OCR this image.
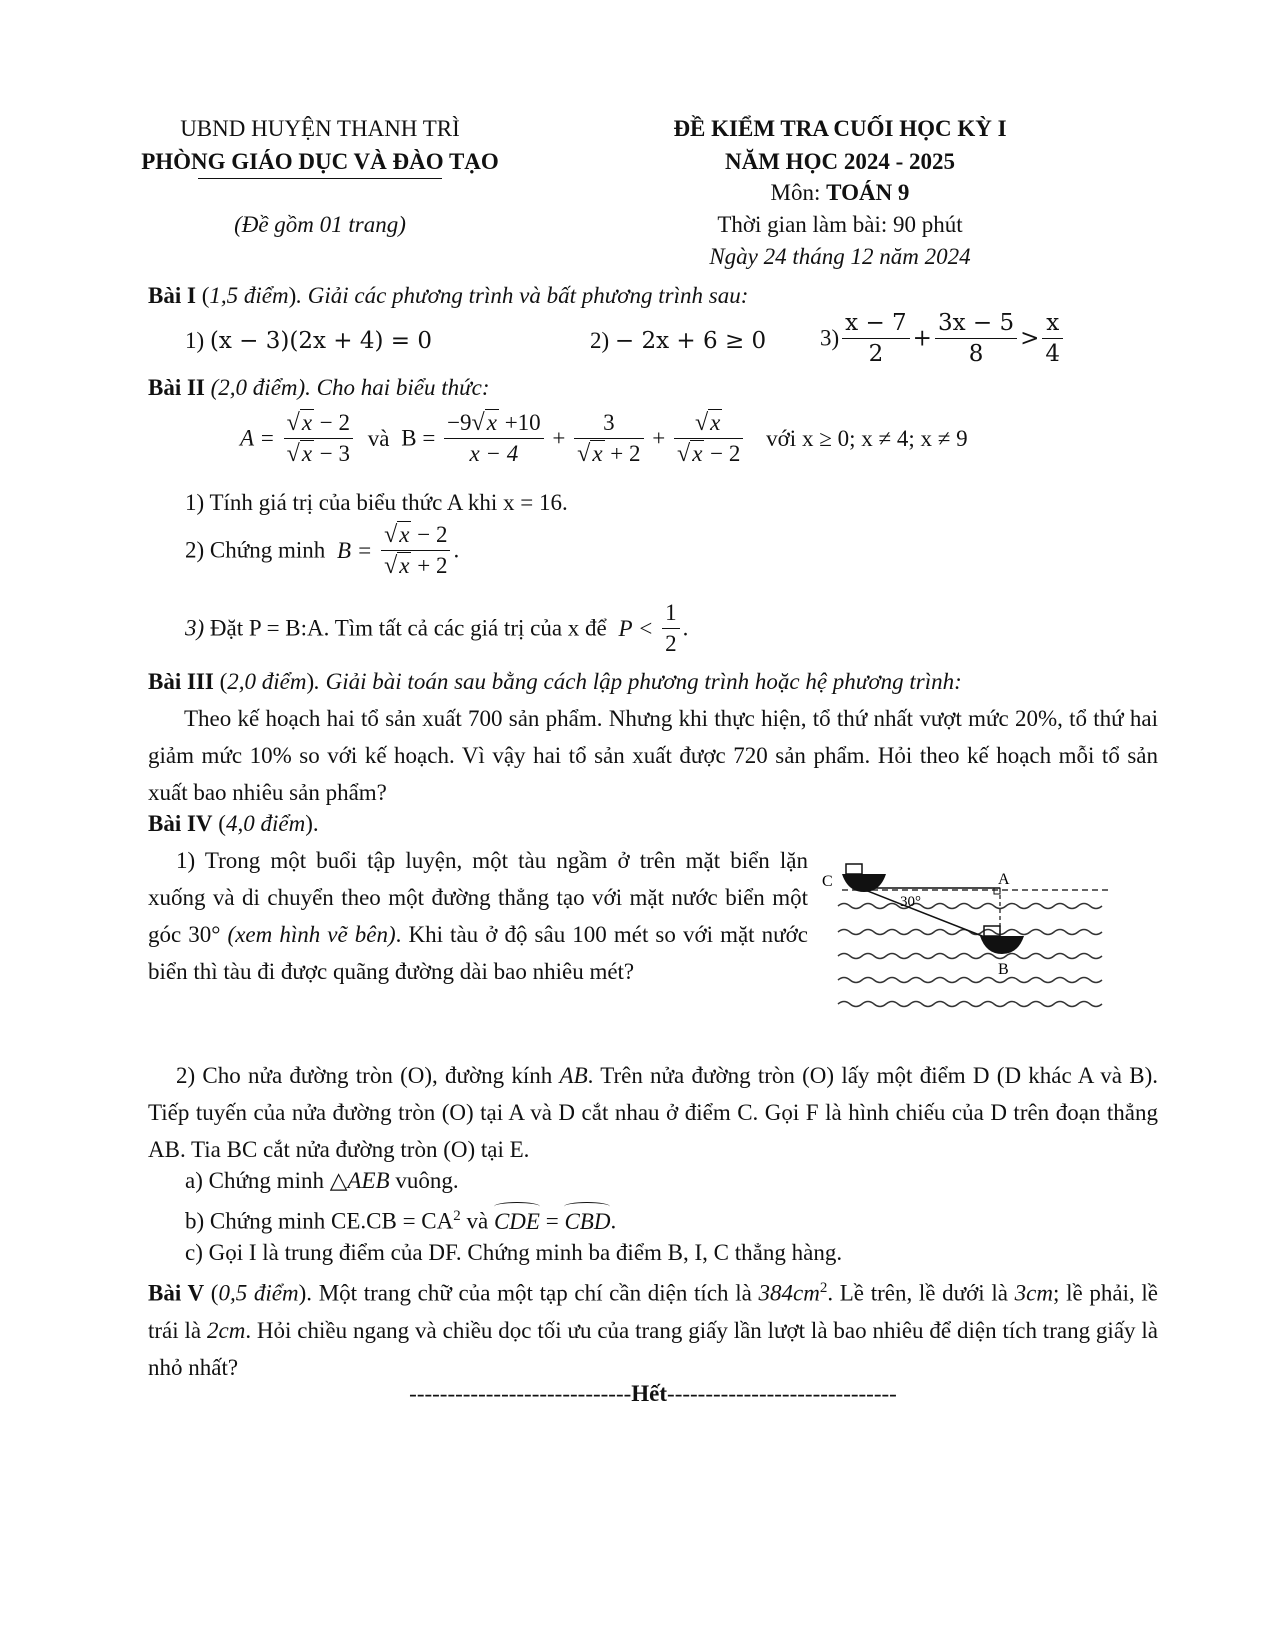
UBND HUYỆN THANH TRÌ
PHÒNG GIÁO DỤC VÀ ĐÀO TẠO
(Đề gồm 01 trang)
ĐỀ KIỂM TRA CUỐI HỌC KỲ I
NĂM HỌC 2024 - 2025
Môn: TOÁN 9
Thời gian làm bài: 90 phút
Ngày 24 tháng 12 năm 2024
Bài I (1,5 điểm). Giải các phương trình và bất phương trình sau:
1) (x − 3)(2x + 4) = 0	2) − 2x + 6 ≥ 0 $3) \frac{x - 7}{2} + \frac{3x - 5}{8} > \frac{x}{4}$
Bài II (2,0 điểm). Cho hai biểu thức:
$A = \frac{√x - 2}{√x - 3}$ và $B = \frac{-9√x +10}{x - 4} + \frac{3}{√x + 2} + \frac{√x}{√x - 2}$ với x ≥ 0; x ≠ 4; x ≠ 9
1) Tính giá trị của biểu thức A khi x = 16.
2) Chứng minh $B = \frac{√x - 2}{√x + 2}$ .
3) Đặt P = B:A. Tìm tất cả các giá trị của x để $P < \frac{1}{2}$ .
Bài III (2,0 điểm). Giải bài toán sau bằng cách lập phương trình hoặc hệ phương trình:
Theo kế hoạch hai tổ sản xuất 700 sản phẩm. Nhưng khi thực hiện, tổ thứ nhất vượt mức 20%, tổ thứ hai giảm mức 10% so với kế hoạch. Vì vậy hai tổ sản xuất được 720 sản phẩm. Hỏi theo kế hoạch mỗi tổ sản xuất bao nhiêu sản phẩm?
Bài IV (4,0 điểm).
1) Trong một buổi tập luyện, một tàu ngầm ở trên mặt biển lặn xuống và di chuyển theo một đường thẳng tạo với mặt nước biển một góc 30° (xem hình vẽ bên). Khi tàu ở độ sâu 100 mét so với mặt nước biển thì tàu đi được quãng đường dài bao nhiêu mét?
C	A
B
30°
2) Cho nửa đường tròn (O), đường kính AB. Trên nửa đường tròn (O) lấy một điểm D (D khác A và B). Tiếp tuyến của nửa đường tròn (O) tại A và D cắt nhau ở điểm C. Gọi F là hình chiếu của D trên đoạn thẳng AB. Tia BC cắt nửa đường tròn (O) tại E.
a) Chứng minh △AEB vuông.
b) Chứng minh $CE.CB = CA^2$ và CDE = CBD.
c) Gọi I là trung điểm của DF. Chứng minh ba điểm B, I, C thẳng hàng.
Bài V (0,5 điểm). Một trang chữ của một tạp chí cần diện tích là $384cm^2$. Lề trên, lề dưới là 3cm; lề phải, lề trái là 2cm. Hỏi chiều ngang và chiều dọc tối ưu của trang giấy lần lượt là bao nhiêu để diện tích trang giấy là nhỏ nhất?
-----------------------------Hết------------------------------
